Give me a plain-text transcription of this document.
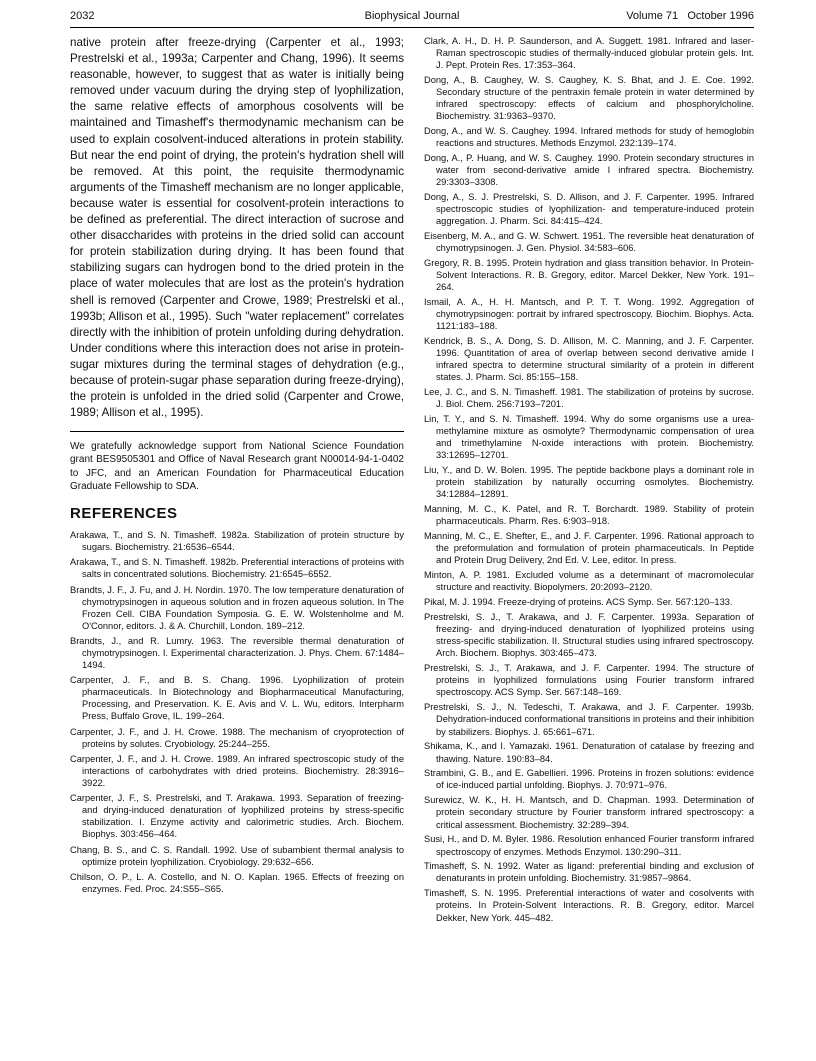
2032	Biophysical Journal	Volume 71   October 1996

native protein after freeze-drying (Carpenter et al., 1993; Prestrelski et al., 1993a; Carpenter and Chang, 1996). It seems reasonable, however, to suggest that as water is initially being removed under vacuum during the drying step of lyophilization, the same relative effects of amorphous cosolvents will be maintained and Timasheff's thermodynamic mechanism can be used to explain cosolvent-induced alterations in protein stability. But near the end point of drying, the protein's hydration shell will be removed. At this point, the requisite thermodynamic arguments of the Timasheff mechanism are no longer applicable, because water is essential for cosolvent-protein interactions to be defined as preferential. The direct interaction of sucrose and other disaccharides with proteins in the dried solid can account for protein stabilization during drying. It has been found that stabilizing sugars can hydrogen bond to the dried protein in the place of water molecules that are lost as the protein's hydration shell is removed (Carpenter and Crowe, 1989; Prestrelski et al., 1993b; Allison et al., 1995). Such "water replacement" correlates directly with the inhibition of protein unfolding during dehydration. Under conditions where this interaction does not arise in protein-sugar mixtures during the terminal stages of dehydration (e.g., because of protein-sugar phase separation during freeze-drying), the protein is unfolded in the dried solid (Carpenter and Crowe, 1989; Allison et al., 1995).

We gratefully acknowledge support from National Science Foundation grant BES9505301 and Office of Naval Research grant N00014-94-1-0402 to JFC, and an American Foundation for Pharmaceutical Education Graduate Fellowship to SDA.

REFERENCES
Arakawa, T., and S. N. Timasheff. 1982a. Stabilization of protein structure by sugars. Biochemistry. 21:6536–6544.
Arakawa, T., and S. N. Timasheff. 1982b. Preferential interactions of proteins with salts in concentrated solutions. Biochemistry. 21:6545–6552.
Brandts, J. F., J. Fu, and J. H. Nordin. 1970. The low temperature denaturation of chymotrypsinogen in aqueous solution and in frozen aqueous solution. In The Frozen Cell. CIBA Foundation Symposia. G. E. W. Wolstenholme and M. O'Connor, editors. J. & A. Churchill, London. 189–212.
Brandts, J., and R. Lumry. 1963. The reversible thermal denaturation of chymotrypsinogen. I. Experimental characterization. J. Phys. Chem. 67:1484–1494.
Carpenter, J. F., and B. S. Chang. 1996. Lyophilization of protein pharmaceuticals. In Biotechnology and Biopharmaceutical Manufacturing, Processing, and Preservation. K. E. Avis and V. L. Wu, editors. Interpharm Press, Buffalo Grove, IL. 199–264.
Carpenter, J. F., and J. H. Crowe. 1988. The mechanism of cryoprotection of proteins by solutes. Cryobiology. 25:244–255.
Carpenter, J. F., and J. H. Crowe. 1989. An infrared spectroscopic study of the interactions of carbohydrates with dried proteins. Biochemistry. 28:3916–3922.
Carpenter, J. F., S. Prestrelski, and T. Arakawa. 1993. Separation of freezing- and drying-induced denaturation of lyophilized proteins by stress-specific stabilization. I. Enzyme activity and calorimetric studies. Arch. Biochem. Biophys. 303:456–464.
Chang, B. S., and C. S. Randall. 1992. Use of subambient thermal analysis to optimize protein lyophilization. Cryobiology. 29:632–656.
Chilson, O. P., L. A. Costello, and N. O. Kaplan. 1965. Effects of freezing on enzymes. Fed. Proc. 24:S55–S65.
Clark, A. H., D. H. P. Saunderson, and A. Suggett. 1981. Infrared and laser-Raman spectroscopic studies of thermally-induced globular protein gels. Int. J. Pept. Protein Res. 17:353–364.
Dong, A., B. Caughey, W. S. Caughey, K. S. Bhat, and J. E. Coe. 1992. Secondary structure of the pentraxin female protein in water determined by infrared spectroscopy: effects of calcium and phosphorylcholine. Biochemistry. 31:9363–9370.
Dong, A., and W. S. Caughey. 1994. Infrared methods for study of hemoglobin reactions and structures. Methods Enzymol. 232:139–174.
Dong, A., P. Huang, and W. S. Caughey. 1990. Protein secondary structures in water from second-derivative amide I infrared spectra. Biochemistry. 29:3303–3308.
Dong, A., S. J. Prestrelski, S. D. Allison, and J. F. Carpenter. 1995. Infrared spectroscopic studies of lyophilization- and temperature-induced protein aggregation. J. Pharm. Sci. 84:415–424.
Eisenberg, M. A., and G. W. Schwert. 1951. The reversible heat denaturation of chymotrypsinogen. J. Gen. Physiol. 34:583–606.
Gregory, R. B. 1995. Protein hydration and glass transition behavior. In Protein-Solvent Interactions. R. B. Gregory, editor. Marcel Dekker, New York. 191–264.
Ismail, A. A., H. H. Mantsch, and P. T. T. Wong. 1992. Aggregation of chymotrypsinogen: portrait by infrared spectroscopy. Biochim. Biophys. Acta. 1121:183–188.
Kendrick, B. S., A. Dong, S. D. Allison, M. C. Manning, and J. F. Carpenter. 1996. Quantitation of area of overlap between second derivative amide I infrared spectra to determine structural similarity of a protein in different states. J. Pharm. Sci. 85:155–158.
Lee, J. C., and S. N. Timasheff. 1981. The stabilization of proteins by sucrose. J. Biol. Chem. 256:7193–7201.
Lin, T. Y., and S. N. Timasheff. 1994. Why do some organisms use a urea-methylamine mixture as osmolyte? Thermodynamic compensation of urea and trimethylamine N-oxide interactions with protein. Biochemistry. 33:12695–12701.
Liu, Y., and D. W. Bolen. 1995. The peptide backbone plays a dominant role in protein stabilization by naturally occurring osmolytes. Biochemistry. 34:12884–12891.
Manning, M. C., K. Patel, and R. T. Borchardt. 1989. Stability of protein pharmaceuticals. Pharm. Res. 6:903–918.
Manning, M. C., E. Shefter, E., and J. F. Carpenter. 1996. Rational approach to the preformulation and formulation of protein pharmaceuticals. In Peptide and Protein Drug Delivery, 2nd Ed. V. Lee, editor. In press.
Minton, A. P. 1981. Excluded volume as a determinant of macromolecular structure and reactivity. Biopolymers. 20:2093–2120.
Pikal, M. J. 1994. Freeze-drying of proteins. ACS Symp. Ser. 567:120–133.
Prestrelski, S. J., T. Arakawa, and J. F. Carpenter. 1993a. Separation of freezing- and drying-induced denaturation of lyophilized proteins using stress-specific stabilization. II. Structural studies using infrared spectroscopy. Arch. Biochem. Biophys. 303:465–473.
Prestrelski, S. J., T. Arakawa, and J. F. Carpenter. 1994. The structure of proteins in lyophilized formulations using Fourier transform infrared spectroscopy. ACS Symp. Ser. 567:148–169.
Prestrelski, S. J., N. Tedeschi, T. Arakawa, and J. F. Carpenter. 1993b. Dehydration-induced conformational transitions in proteins and their inhibition by stabilizers. Biophys. J. 65:661–671.
Shikama, K., and I. Yamazaki. 1961. Denaturation of catalase by freezing and thawing. Nature. 190:83–84.
Strambini, G. B., and E. Gabellieri. 1996. Proteins in frozen solutions: evidence of ice-induced partial unfolding. Biophys. J. 70:971–976.
Surewicz, W. K., H. H. Mantsch, and D. Chapman. 1993. Determination of protein secondary structure by Fourier transform infrared spectroscopy: a critical assessment. Biochemistry. 32:289–394.
Susi, H., and D. M. Byler. 1986. Resolution enhanced Fourier transform infrared spectroscopy of enzymes. Methods Enzymol. 130:290–311.
Timasheff, S. N. 1992. Water as ligand: preferential binding and exclusion of denaturants in protein unfolding. Biochemistry. 31:9857–9864.
Timasheff, S. N. 1995. Preferential interactions of water and cosolvents with proteins. In Protein-Solvent Interactions. R. B. Gregory, editor. Marcel Dekker, New York. 445–482.
